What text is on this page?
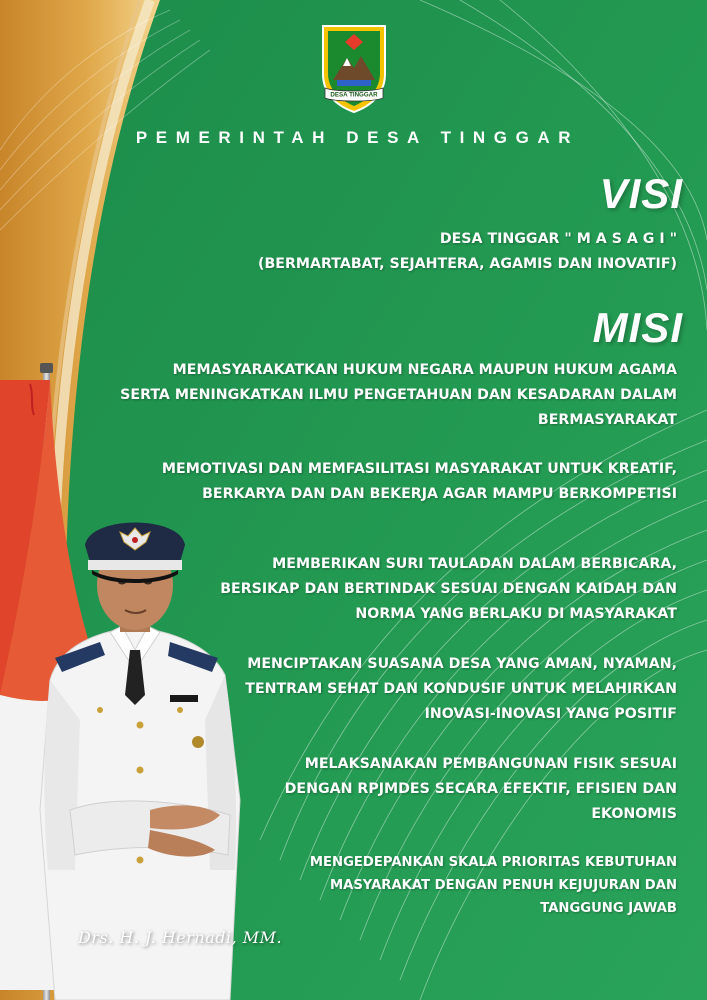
DESA TINGGAR
PEMERINTAH DESA TINGGAR
VISI
DESA TINGGAR " M A S A G I "
(BERMARTABAT, SEJAHTERA, AGAMIS DAN INOVATIF)
MISI
MEMASYARAKATKAN HUKUM NEGARA MAUPUN HUKUM AGAMA
SERTA MENINGKATKAN ILMU PENGETAHUAN DAN KESADARAN DALAM
BERMASYARAKAT
MEMOTIVASI DAN MEMFASILITASI MASYARAKAT UNTUK KREATIF,
BERKARYA DAN DAN BEKERJA AGAR MAMPU BERKOMPETISI
MEMBERIKAN SURI TAULADAN DALAM BERBICARA,
BERSIKAP DAN BERTINDAK SESUAI DENGAN KAIDAH DAN
NORMA YANG BERLAKU DI MASYARAKAT
MENCIPTAKAN SUASANA DESA YANG AMAN, NYAMAN,
TENTRAM SEHAT DAN KONDUSIF UNTUK MELAHIRKAN
INOVASI-INOVASI YANG POSITIF
MELAKSANAKAN PEMBANGUNAN FISIK SESUAI
DENGAN RPJMDES SECARA EFEKTIF, EFISIEN DAN
EKONOMIS
MENGEDEPANKAN SKALA PRIORITAS KEBUTUHAN
MASYARAKAT DENGAN PENUH KEJUJURAN DAN
TANGGUNG JAWAB
Drs. H. J. Hernadi, MM.
